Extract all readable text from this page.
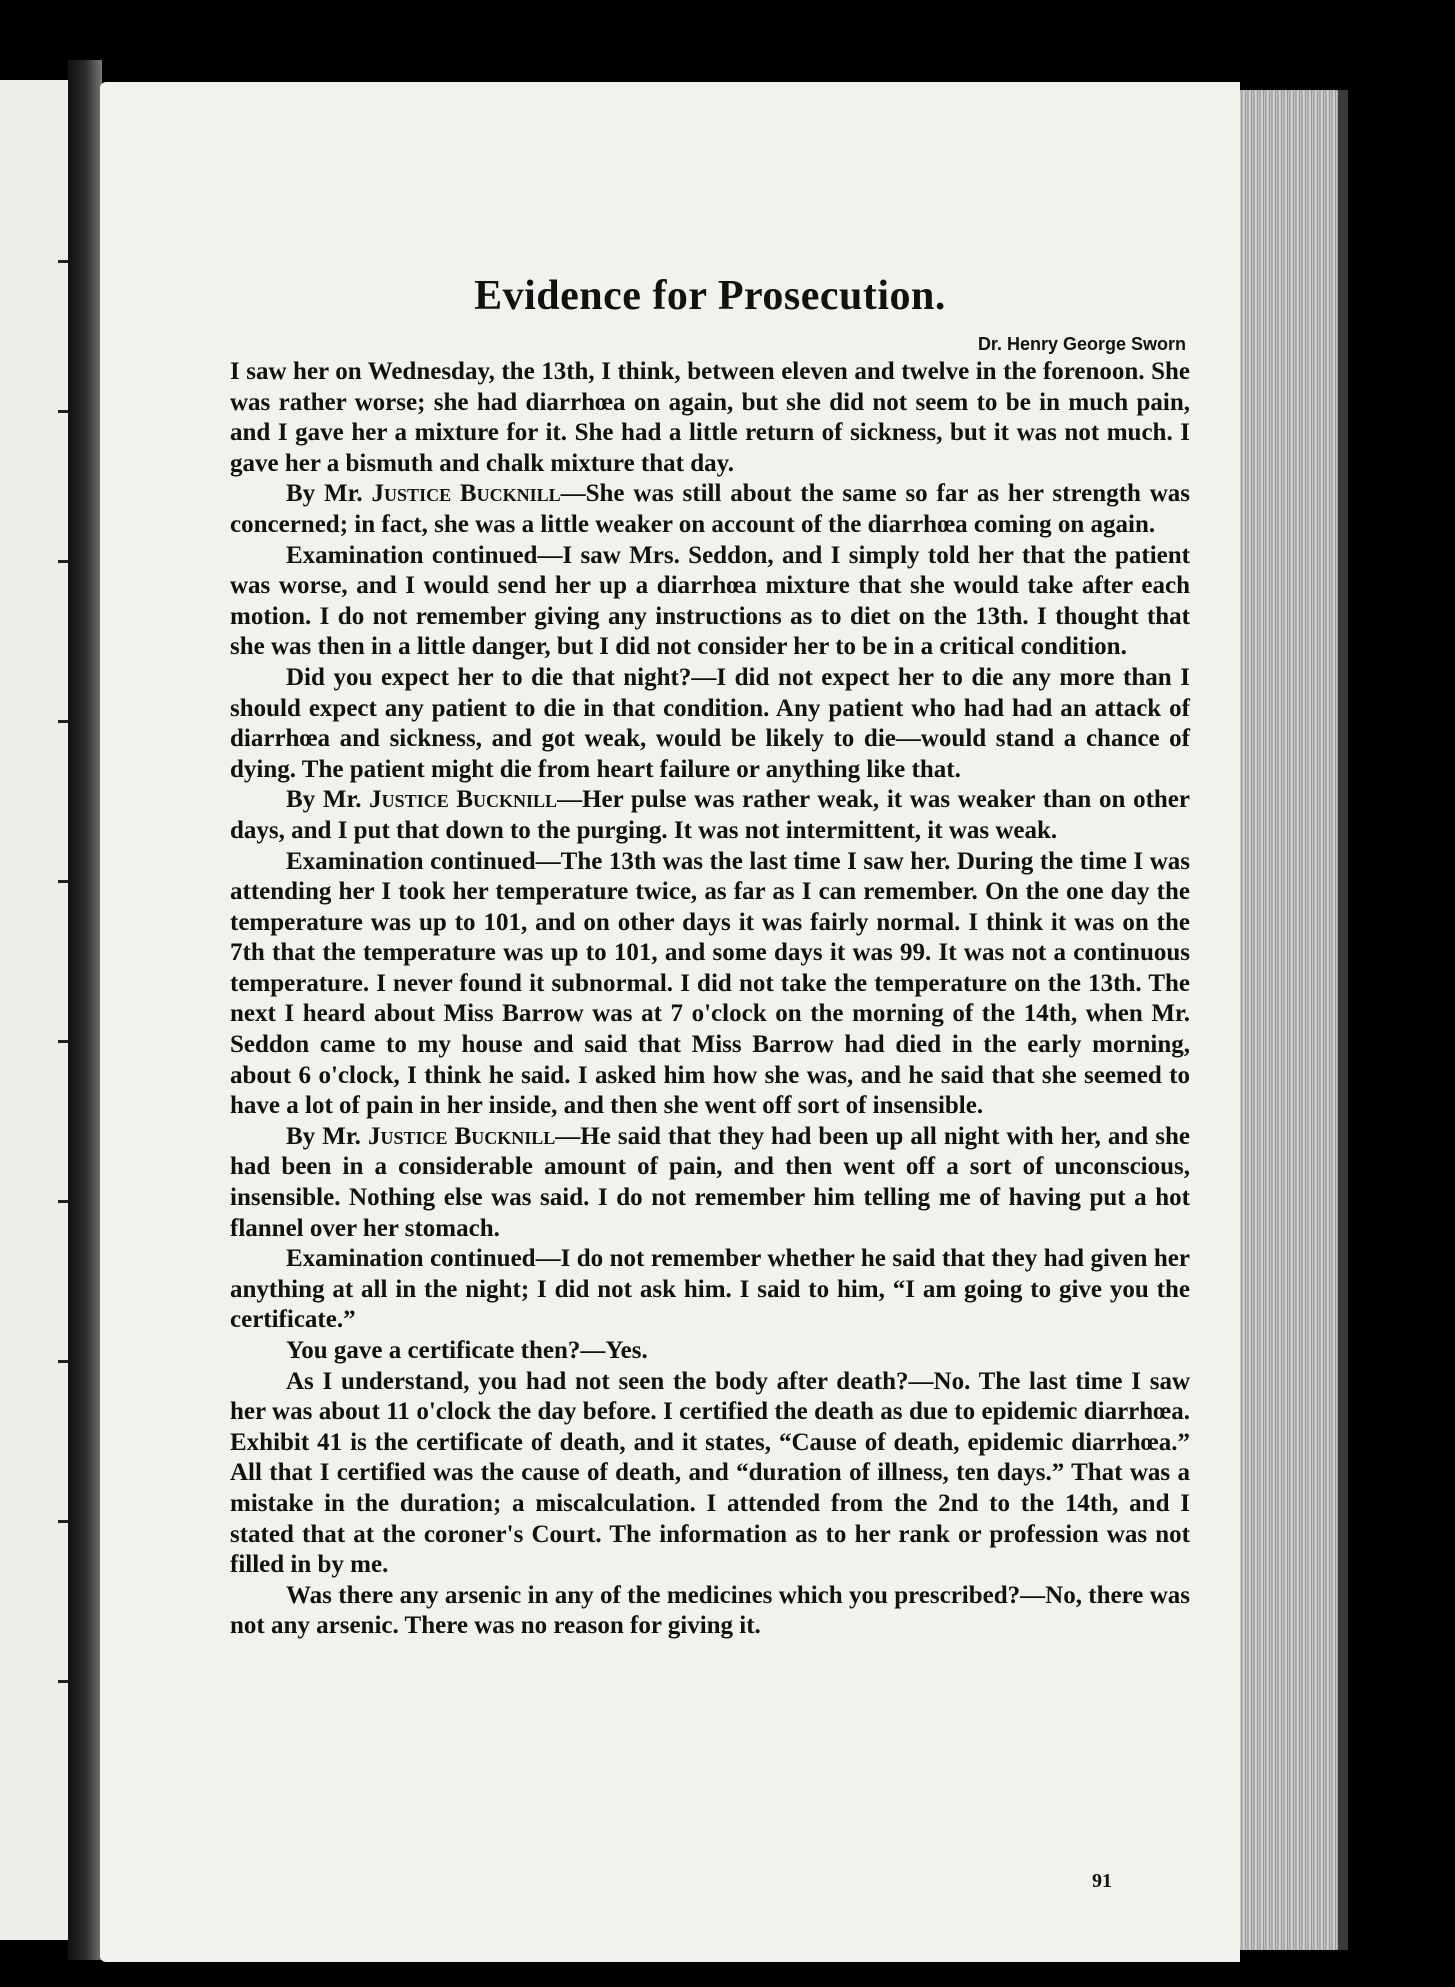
Evidence for Prosecution.
Dr. Henry George Sworn

I saw her on Wednesday, the 13th, I think, between eleven and twelve in the forenoon. She was rather worse; she had diarrhœa on again, but she did not seem to be in much pain, and I gave her a mixture for it. She had a little return of sickness, but it was not much. I gave her a bismuth and chalk mixture that day.

By Mr. Justice Bucknill—She was still about the same so far as her strength was concerned; in fact, she was a little weaker on account of the diarrhœa coming on again.

Examination continued—I saw Mrs. Seddon, and I simply told her that the patient was worse, and I would send her up a diarrhœa mixture that she would take after each motion. I do not remember giving any instructions as to diet on the 13th. I thought that she was then in a little danger, but I did not consider her to be in a critical condition.

Did you expect her to die that night?—I did not expect her to die any more than I should expect any patient to die in that condition. Any patient who had had an attack of diarrhœa and sickness, and got weak, would be likely to die—would stand a chance of dying. The patient might die from heart failure or anything like that.

By Mr. Justice Bucknill—Her pulse was rather weak, it was weaker than on other days, and I put that down to the purging. It was not intermittent, it was weak.

Examination continued—The 13th was the last time I saw her. During the time I was attending her I took her temperature twice, as far as I can remember. On the one day the temperature was up to 101, and on other days it was fairly normal. I think it was on the 7th that the temperature was up to 101, and some days it was 99. It was not a continuous temperature. I never found it subnormal. I did not take the temperature on the 13th. The next I heard about Miss Barrow was at 7 o'clock on the morning of the 14th, when Mr. Seddon came to my house and said that Miss Barrow had died in the early morning, about 6 o'clock, I think he said. I asked him how she was, and he said that she seemed to have a lot of pain in her inside, and then she went off sort of insensible.

By Mr. Justice Bucknill—He said that they had been up all night with her, and she had been in a considerable amount of pain, and then went off a sort of unconscious, insensible. Nothing else was said. I do not remember him telling me of having put a hot flannel over her stomach.

Examination continued—I do not remember whether he said that they had given her anything at all in the night; I did not ask him. I said to him, “I am going to give you the certificate.”

You gave a certificate then?—Yes.

As I understand, you had not seen the body after death?—No. The last time I saw her was about 11 o'clock the day before. I certified the death as due to epidemic diarrhœa. Exhibit 41 is the certificate of death, and it states, “Cause of death, epidemic diarrhœa.” All that I certified was the cause of death, and “duration of illness, ten days.” That was a mistake in the duration; a miscalculation. I attended from the 2nd to the 14th, and I stated that at the coroner's Court. The information as to her rank or profession was not filled in by me.

Was there any arsenic in any of the medicines which you prescribed?—No, there was not any arsenic. There was no reason for giving it.

91
